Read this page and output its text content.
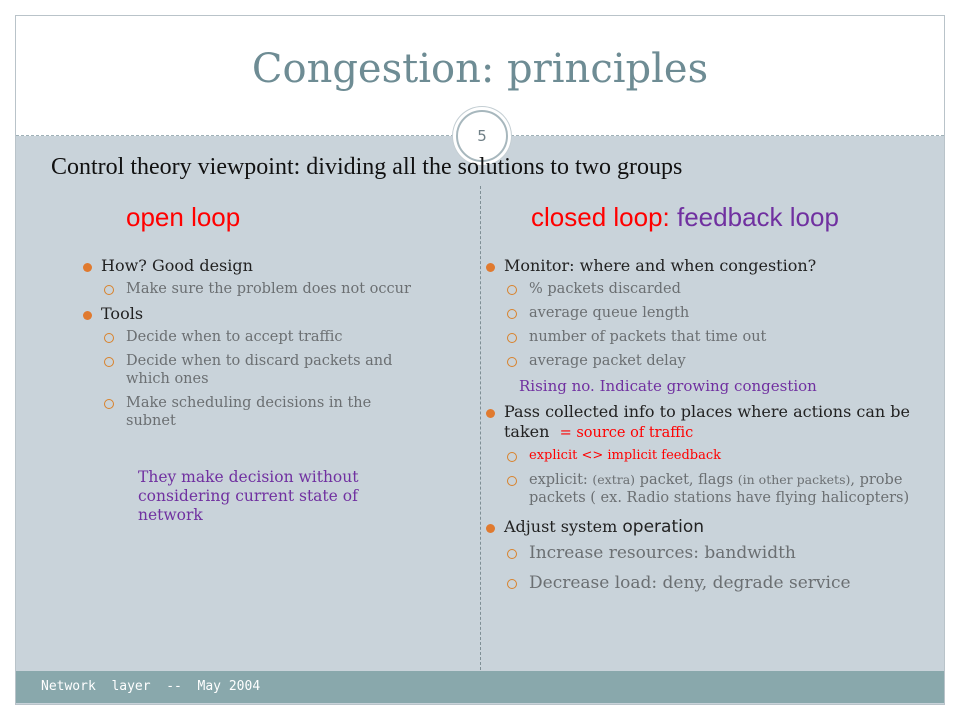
Congestion: principles
5
Control theory viewpoint: dividing all the solutions to two groups
open loop	closed loop: feedback loop
How? Good design
Make sure the problem does not occur
Tools
Decide when to accept traffic
Decide when to discard packets and which ones
Make scheduling decisions in the subnet
They make decision without considering current state of network
Monitor: where and when congestion?
% packets discarded
average queue length
number of packets that time out
average packet delay
Rising no. Indicate growing congestion
Pass collected info to places where actions can be taken = source of traffic
explicit <> implicit feedback
explicit: (extra) packet, flags (in other packets), probe packets ( ex. Radio stations have flying halicopters)
Adjust system operation
Increase resources: bandwidth
Decrease load: deny, degrade service
Network  layer  --  May 2004
